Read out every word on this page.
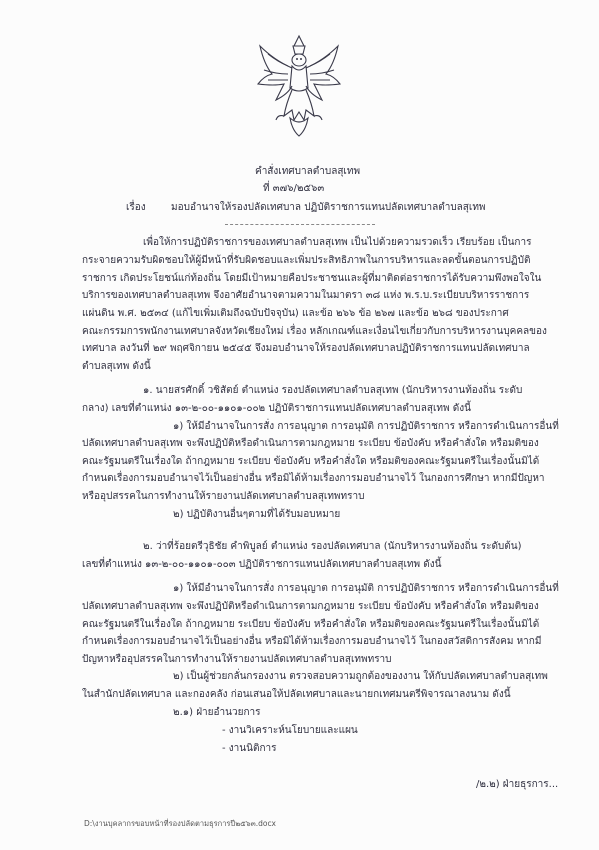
คำสั่งเทศบาลตำบลสุเทพ
ที่ ๓๗๖/๒๕๖๓
เรื่อง	มอบอำนาจให้รองปลัดเทศบาล ปฏิบัติราชการแทนปลัดเทศบาลตำบลสุเทพ
เพื่อให้การปฏิบัติราชการของเทศบาลตำบลสุเทพ เป็นไปด้วยความรวดเร็ว เรียบร้อย เป็นการ
กระจายความรับผิดชอบให้ผู้มีหน้าที่รับผิดชอบและเพิ่มประสิทธิภาพในการบริหารและลดขั้นตอนการปฏิบัติ
ราชการ เกิดประโยชน์แก่ท้องถิ่น โดยมีเป้าหมายคือประชาชนและผู้ที่มาติดต่อราชการได้รับความพึงพอใจใน
บริการของเทศบาลตำบลสุเทพ จึงอาศัยอำนาจตามความในมาตรา ๓๘ แห่ง พ.ร.บ.ระเบียบบริหารราชการ
แผ่นดิน พ.ศ. ๒๕๓๔ (แก้ไขเพิ่มเติมถึงฉบับปัจจุบัน) และข้อ ๒๖๖ ข้อ ๒๖๗ และข้อ ๒๖๘ ของประกาศ
คณะกรรมการพนักงานเทศบาลจังหวัดเชียงใหม่ เรื่อง หลักเกณฑ์และเงื่อนไขเกี่ยวกับการบริหารงานบุคคลของ
เทศบาล ลงวันที่ ๒๙ พฤศจิกายน ๒๕๔๕ จึงมอบอำนาจให้รองปลัดเทศบาลปฏิบัติราชการแทนปลัดเทศบาล
ตำบลสุเทพ ดังนี้
๑. นายสรศักดิ์ วชิสัตย์ ตำแหน่ง รองปลัดเทศบาลตำบลสุเทพ (นักบริหารงานท้องถิ่น ระดับ
กลาง) เลขที่ตำแหน่ง ๑๓-๒-๐๐-๑๑๐๑-๐๐๒ ปฏิบัติราชการแทนปลัดเทศบาลตำบลสุเทพ ดังนี้
๑) ให้มีอำนาจในการสั่ง การอนุญาต การอนุมัติ การปฏิบัติราชการ หรือการดำเนินการอื่นที่
ปลัดเทศบาลตำบลสุเทพ จะพึงปฏิบัติหรือดำเนินการตามกฎหมาย ระเบียบ ข้อบังคับ หรือคำสั่งใด หรือมติของ
คณะรัฐมนตรีในเรื่องใด ถ้ากฎหมาย ระเบียบ ข้อบังคับ หรือคำสั่งใด หรือมติของคณะรัฐมนตรีในเรื่องนั้นมิได้
กำหนดเรื่องการมอบอำนาจไว้เป็นอย่างอื่น หรือมิได้ห้ามเรื่องการมอบอำนาจไว้ ในกองการศึกษา หากมีปัญหา
หรืออุปสรรคในการทำงานให้รายงานปลัดเทศบาลตำบลสุเทพทราบ
๒) ปฏิบัติงานอื่นๆตามที่ได้รับมอบหมาย
๒. ว่าที่ร้อยตรีวุธิชัย คำพิบูลย์ ตำแหน่ง รองปลัดเทศบาล (นักบริหารงานท้องถิ่น ระดับต้น)
เลขที่ตำแหน่ง ๑๓-๒-๐๐-๑๑๐๑-๐๐๓ ปฏิบัติราชการแทนปลัดเทศบาลตำบลสุเทพ ดังนี้
๑) ให้มีอำนาจในการสั่ง การอนุญาต การอนุมัติ การปฏิบัติราชการ หรือการดำเนินการอื่นที่
ปลัดเทศบาลตำบลสุเทพ จะพึงปฏิบัติหรือดำเนินการตามกฎหมาย ระเบียบ ข้อบังคับ หรือคำสั่งใด หรือมติของ
คณะรัฐมนตรีในเรื่องใด ถ้ากฎหมาย ระเบียบ ข้อบังคับ หรือคำสั่งใด หรือมติของคณะรัฐมนตรีในเรื่องนั้นมิได้
กำหนดเรื่องการมอบอำนาจไว้เป็นอย่างอื่น หรือมิได้ห้ามเรื่องการมอบอำนาจไว้ ในกองสวัสดิการสังคม หากมี
ปัญหาหรืออุปสรรคในการทำงานให้รายงานปลัดเทศบาลตำบลสุเทพทราบ
๒) เป็นผู้ช่วยกลั่นกรองงาน ตรวจสอบความถูกต้องของงาน ให้กับปลัดเทศบาลตำบลสุเทพ
ในสำนักปลัดเทศบาล และกองคลัง ก่อนเสนอให้ปลัดเทศบาลและนายกเทศมนตรีพิจารณาลงนาม ดังนี้
๒.๑) ฝ่ายอำนวยการ
- งานวิเคราะห์นโยบายและแผน
- งานนิติการ
/๒.๒) ฝ่ายธุรการ...
D:\งานบุคลากรขอบหน้าที่รองปลัดตามธุรการปี๒๕๖๓.docx
